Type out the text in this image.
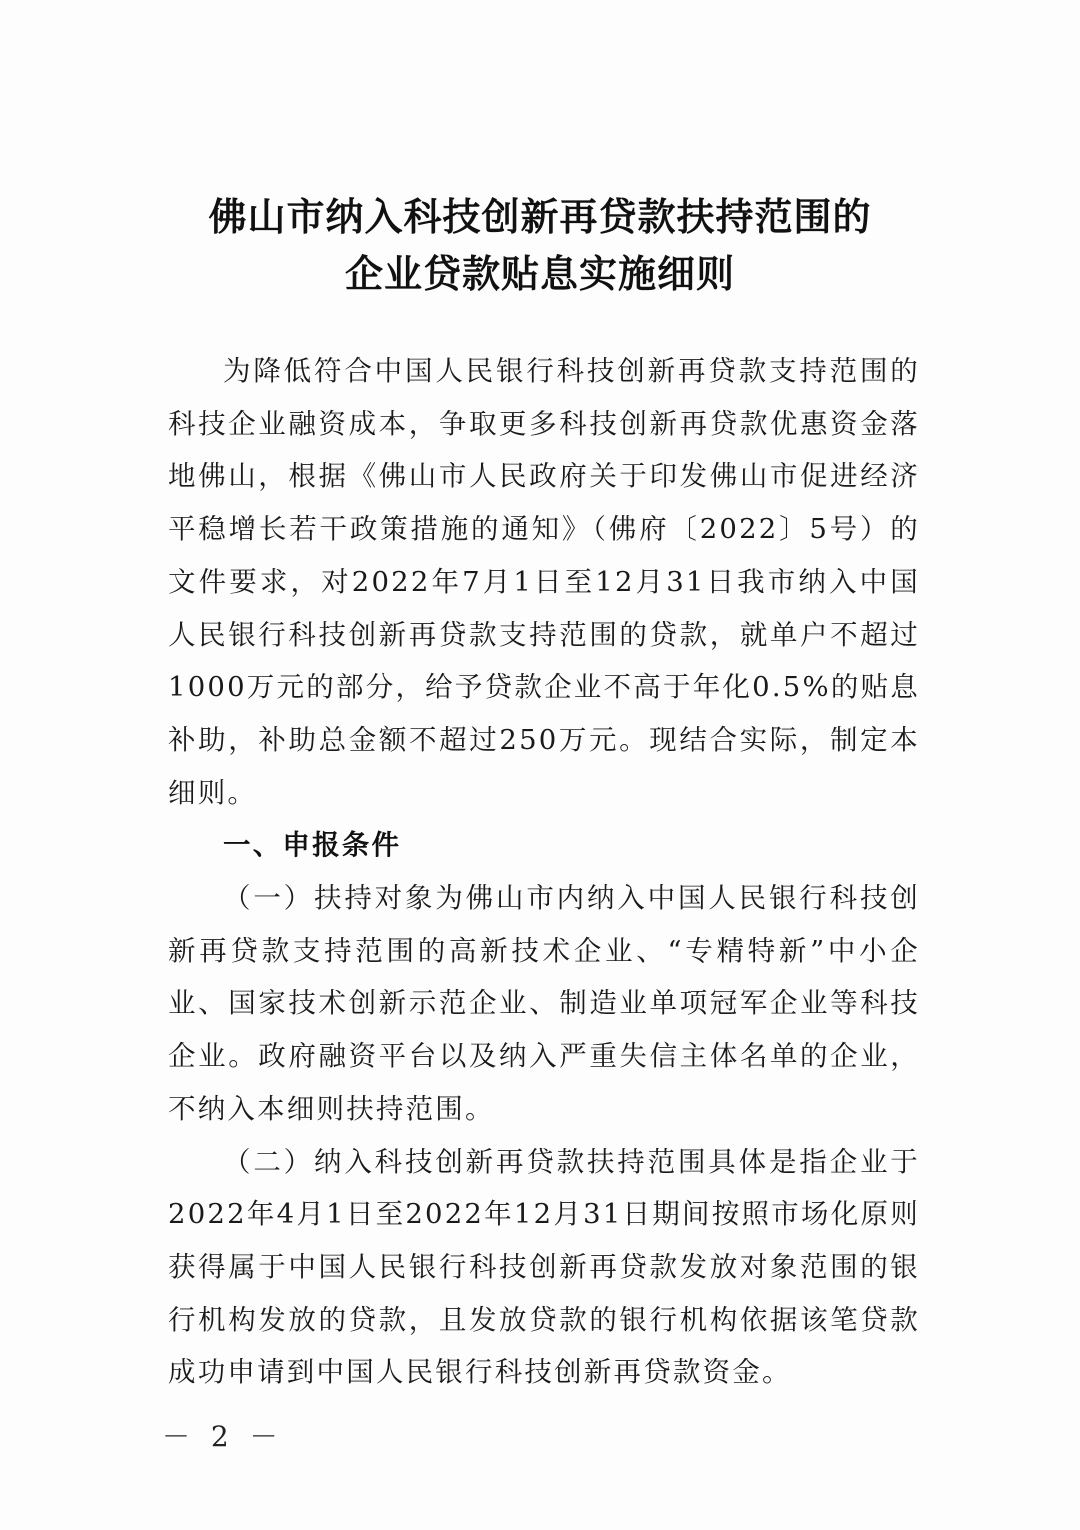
佛山市纳入科技创新再贷款扶持范围的
企业贷款贴息实施细则

为降低符合中国人民银行科技创新再贷款支持范围的科技企业融资成本，争取更多科技创新再贷款优惠资金落地佛山，根据《佛山市人民政府关于印发佛山市促进经济平稳增长若干政策措施的通知》（佛府〔2022〕5号）的文件要求，对2022年7月1日至12月31日我市纳入中国人民银行科技创新再贷款支持范围的贷款，就单户不超过1000万元的部分，给予贷款企业不高于年化0.5%的贴息补助，补助总金额不超过250万元。现结合实际，制定本细则。

一、申报条件

（一）扶持对象为佛山市内纳入中国人民银行科技创新再贷款支持范围的高新技术企业、“专精特新”中小企业、国家技术创新示范企业、制造业单项冠军企业等科技企业。政府融资平台以及纳入严重失信主体名单的企业，不纳入本细则扶持范围。

（二）纳入科技创新再贷款扶持范围具体是指企业于2022年4月1日至2022年12月31日期间按照市场化原则获得属于中国人民银行科技创新再贷款发放对象范围的银行机构发放的贷款，且发放贷款的银行机构依据该笔贷款成功申请到中国人民银行科技创新再贷款资金。

－ 2 －
